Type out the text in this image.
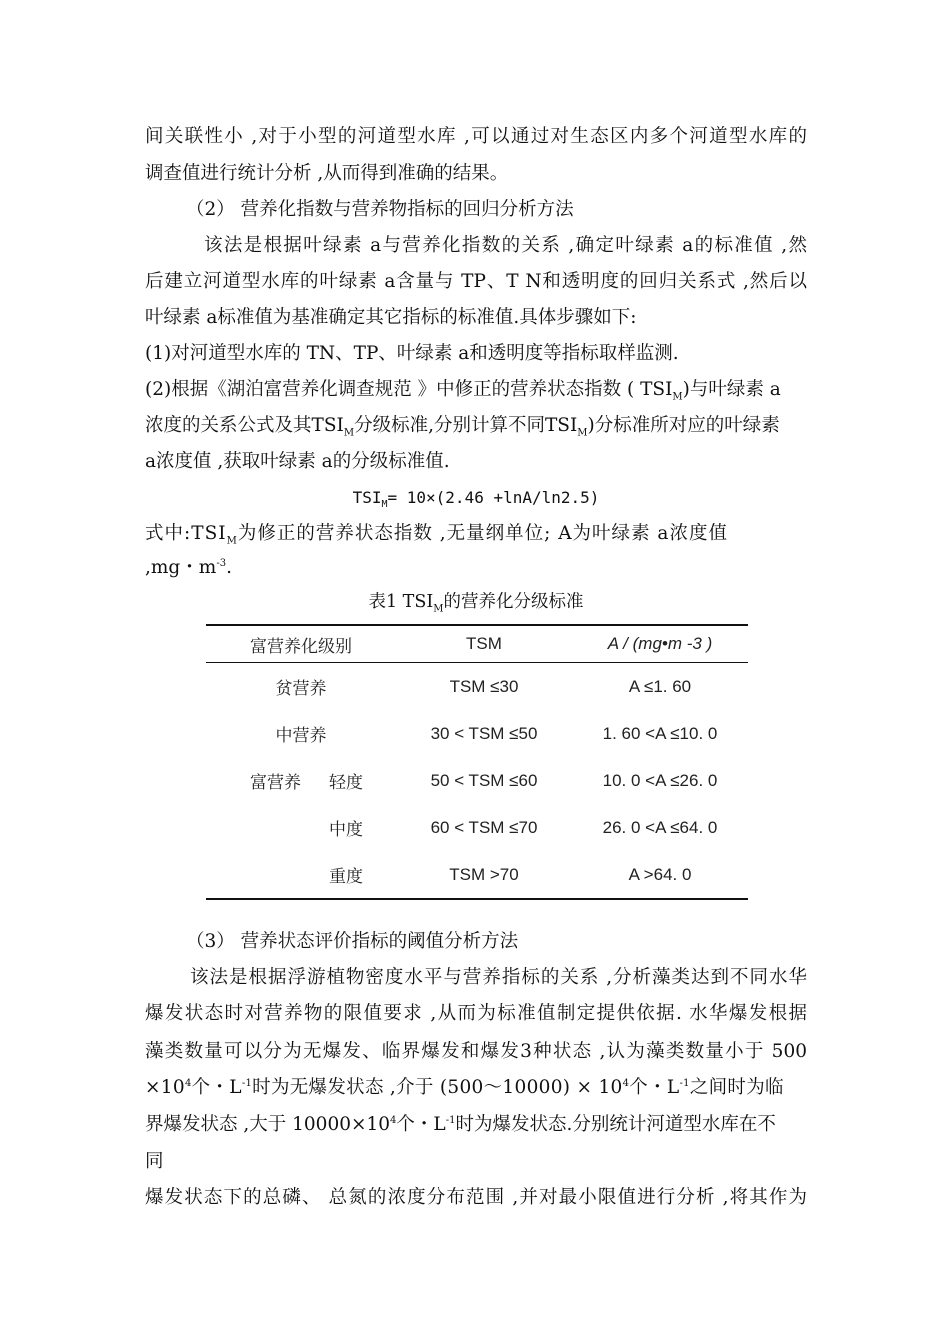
间关联性小 ,对于小型的河道型水库 ,可以通过对生态区内多个河道型水库的
调查值进行统计分析 ,从而得到准确的结果。
（2） 营养化指数与营养物指标的回归分析方法
该法是根据叶绿素 a与营养化指数的关系 ,确定叶绿素 a的标准值 ,然
后建立河道型水库的叶绿素 a含量与 TP、T N和透明度的回归关系式 ,然后以
叶绿素 a标准值为基准确定其它指标的标准值.具体步骤如下:
(1)对河道型水库的 TN、TP、叶绿素 a和透明度等指标取样监测.
(2)根据《湖泊富营养化调查规范 》中修正的营养状态指数 ( $TSI_M$)与叶绿素 a
浓度的关系公式及其$TSI_M$分级标准,分别计算不同$TSI_M$)分标准所对应的叶绿素
a浓度值 ,获取叶绿素 a的分级标准值.
$TSI_M= 10\times(2.46 +\ln A/\ln 2.5)$
式中$:TSI_M$为修正的营养状态指数 ,无量纲单位; A为叶绿素 a浓度值
,mg・$m^{-3}$.
表1 $TSI_M$的营养化分级标准
富营养化级别		TSM	A / (mg•m -3 )
贫营养		TSM ≤30	A ≤1. 60
中营养		30 < TSM ≤50	1. 60 <A ≤10. 0
富营养	轻度	50 < TSM ≤60	10. 0 <A ≤26. 0
	中度	60 < TSM ≤70	26. 0 <A ≤64. 0
	重度	TSM >70	A >64. 0
（3） 营养状态评价指标的阈值分析方法
该法是根据浮游植物密度水平与营养指标的关系 ,分析藻类达到不同水华
爆发状态时对营养物的限值要求 ,从而为标准值制定提供依据. 水华爆发根据
藻类数量可以分为无爆发、临界爆发和爆发3种状态 ,认为藻类数量小于 500
$\times 10^4$个・$L^{-1}$时为无爆发状态 ,介于 (500～10000) × $10^4$个・$L^{-1}$之间时为临
界爆发状态 ,大于 $10000\times 10^4$个・$L^{-1}$时为爆发状态.分别统计河道型水库在不
同
爆发状态下的总磷、 总氮的浓度分布范围 ,并对最小限值进行分析 ,将其作为
